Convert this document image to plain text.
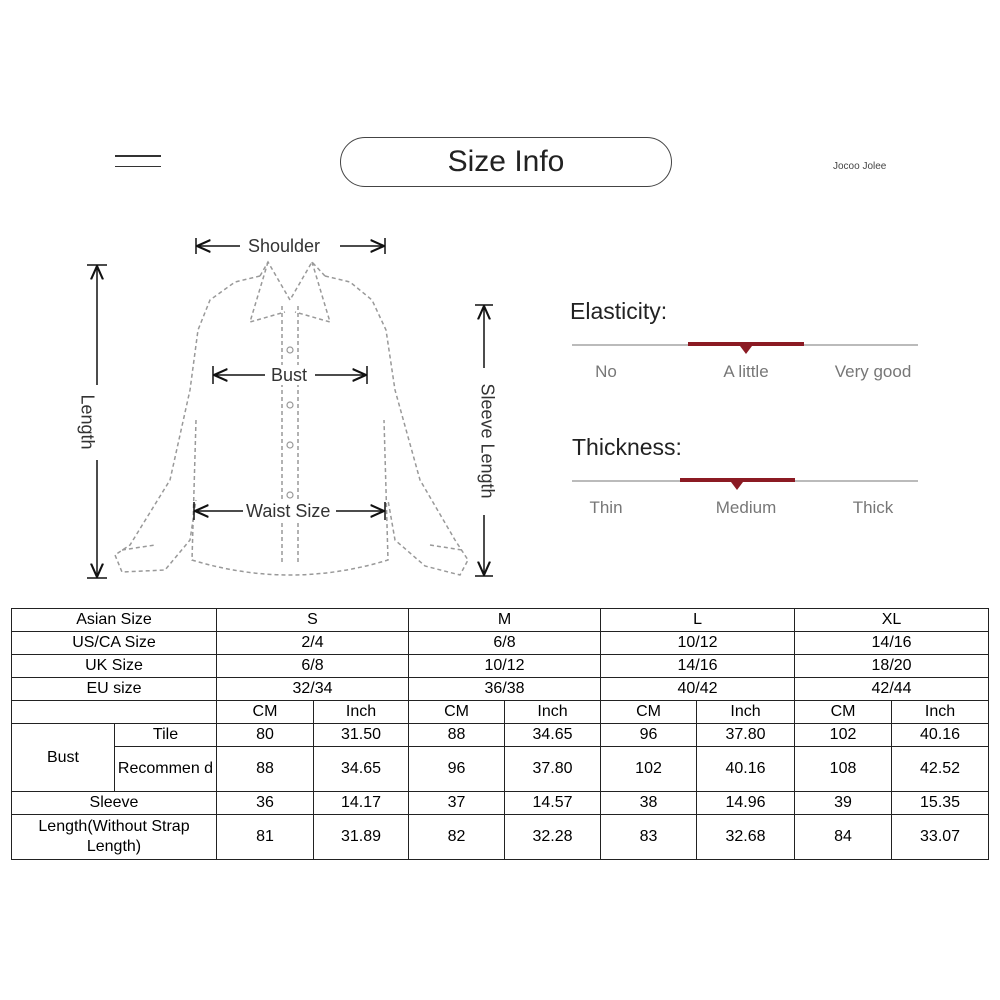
Size Info	Jocoo Jolee
Shoulder
Bust
Waist Size
Length	Sleeve Length
Elasticity:
No	A little	Very good
Thickness:
Thin	Medium	Thick
Asian Size		S		M		L		XL	
US/CA Size		2/4		6/8		10/12		14/16	
UK Size		6/8		10/12		14/16		18/20	
EU size		32/34		36/38		40/42		42/44	
		CM	Inch	CM	Inch	CM	Inch	CM	Inch
Bust	Tile	80	31.50	88	34.65	96	37.80	102	40.16
	Recommen d	88	34.65	96	37.80	102	40.16	108	42.52
Sleeve		36	14.17	37	14.57	38	14.96	39	15.35
Length(Without Strap Length)		81	31.89	82	32.28	83	32.68	84	33.07
